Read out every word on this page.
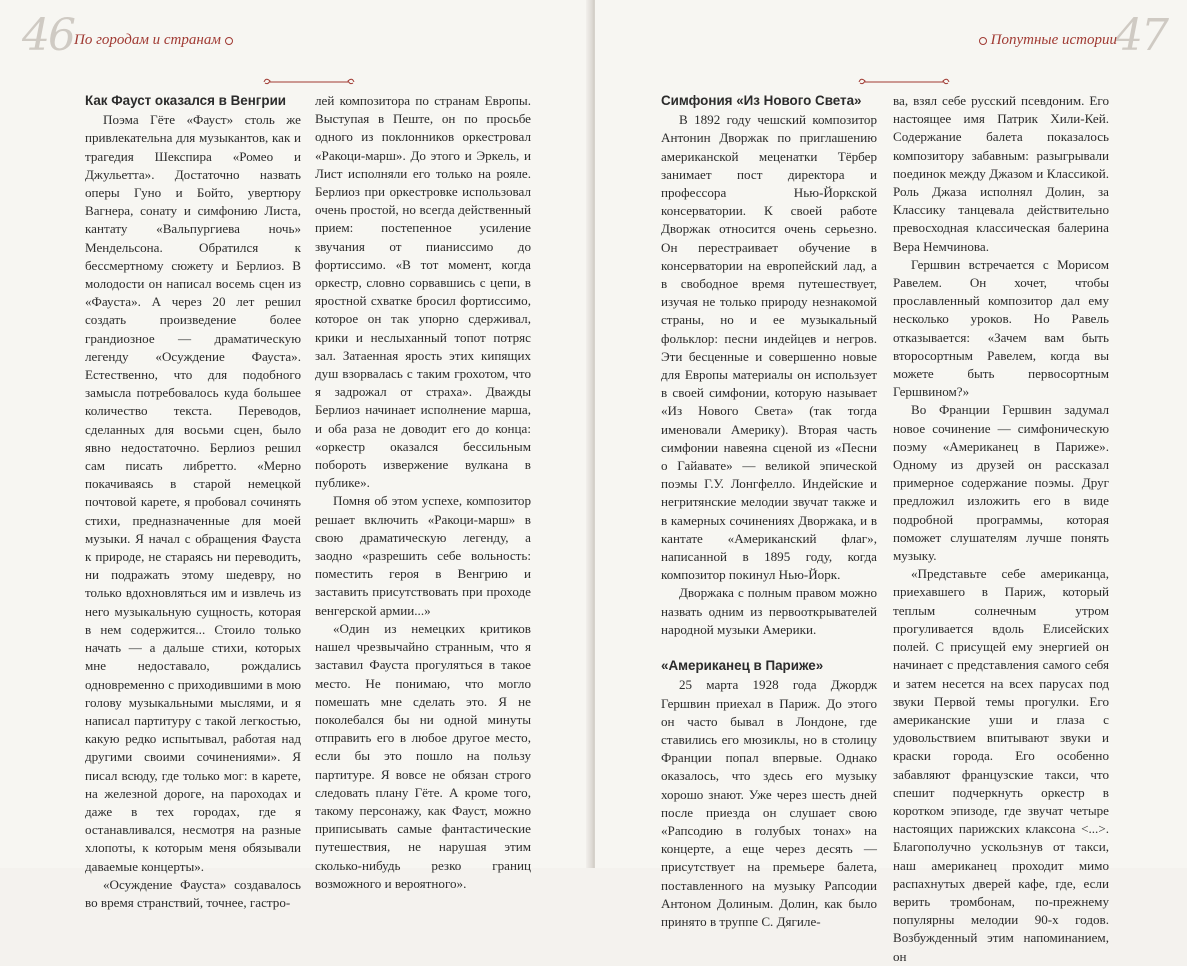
46 По городам и странам
Как Фауст оказался в Венгрии

Поэма Гёте «Фауст» столь же привлекательна для музыкантов, как и трагедия Шекспира «Ромео и Джульетта». Достаточно назвать оперы Гуно и Бойто, увертюру Вагнера, сонату и симфонию Листа, кантату «Вальпургиева ночь» Мендельсона. Обратился к бессмертному сюжету и Берлиоз. В молодости он написал восемь сцен из «Фауста». А через 20 лет решил создать произведение более грандиозное — драматическую легенду «Осуждение Фауста». Естественно, что для подобного замысла потребовалось куда большее количество текста. Переводов, сделанных для восьми сцен, было явно недостаточно. Берлиоз решил сам писать либретто. «Мерно покачиваясь в старой немецкой почтовой карете, я пробовал сочинять стихи, предназначенные для моей музыки. Я начал с обращения Фауста к природе, не стараясь ни переводить, ни подражать этому шедевру, но только вдохновляться им и извлечь из него музыкальную сущность, которая в нем содержится... Стоило только начать — а дальше стихи, которых мне недоставало, рождались одновременно с приходившими в мою голову музыкальными мыслями, и я написал партитуру с такой легкостью, какую редко испытывал, работая над другими своими сочинениями». Я писал всюду, где только мог: в карете, на железной дороге, на пароходах и даже в тех городах, где я останавливался, несмотря на разные хлопоты, к которым меня обязывали даваемые концерты».

«Осуждение Фауста» создавалось во время странствий, точнее, гастро-

лей композитора по странам Европы. Выступая в Пеште, он по просьбе одного из поклонников оркестровал «Ракоци-марш». До этого и Эркель, и Лист исполняли его только на рояле. Берлиоз при оркестровке использовал очень простой, но всегда действенный прием: постепенное усиление звучания от пианиссимо до фортиссимо. «В тот момент, когда оркестр, словно сорвавшись с цепи, в яростной схватке бросил фортиссимо, которое он так упорно сдерживал, крики и неслыханный топот потряс зал. Затаенная ярость этих кипящих душ взорвалась с таким грохотом, что я задрожал от страха». Дважды Берлиоз начинает исполнение марша, и оба раза не доводит его до конца: «оркестр оказался бессильным побороть извержение вулкана в публике».

Помня об этом успехе, композитор решает включить «Ракоци-марш» в свою драматическую легенду, а заодно «разрешить себе вольность: поместить героя в Венгрию и заставить присутствовать при проходе венгерской армии...»

«Один из немецких критиков нашел чрезвычайно странным, что я заставил Фауста прогуляться в такое место. Не понимаю, что могло помешать мне сделать это. Я не поколебался бы ни одной минуты отправить его в любое другое место, если бы это пошло на пользу партитуре. Я вовсе не обязан строго следовать плану Гёте. А кроме того, такому персонажу, как Фауст, можно приписывать самые фантастические путешествия, не нарушая этим сколько-нибудь резко границ возможного и вероятного».

47
Попутные истории
Симфония «Из Нового Света»

В 1892 году чешский композитор Антонин Дворжак по приглашению американской меценатки Тёрбер занимает пост директора и профессора Нью-Йоркской консерватории. К своей работе Дворжак относится очень серьезно. Он перестраивает обучение в консерватории на европейский лад, а в свободное время путешествует, изучая не только природу незнакомой страны, но и ее музыкальный фольклор: песни индейцев и негров. Эти бесценные и совершенно новые для Европы материалы он использует в своей симфонии, которую называет «Из Нового Света» (так тогда именовали Америку). Вторая часть симфонии навеяна сценой из «Песни о Гайавате» — великой эпической поэмы Г.У. Лонгфелло. Индейские и негритянские мелодии звучат также и в камерных сочинениях Дворжака, и в кантате «Американский флаг», написанной в 1895 году, когда композитор покинул Нью-Йорк.

Дворжака с полным правом можно назвать одним из первооткрывателей народной музыки Америки.

«Американец в Париже»

25 марта 1928 года Джордж Гершвин приехал в Париж. До этого он часто бывал в Лондоне, где ставились его мюзиклы, но в столицу Франции попал впервые. Однако оказалось, что здесь его музыку хорошо знают. Уже через шесть дней после приезда он слушает свою «Рапсодию в голубых тонах» на концерте, а еще через десять — присутствует на премьере балета, поставленного на музыку Рапсодии Антоном Долиным. Долин, как было принято в труппе С. Дягиле-

ва, взял себе русский псевдоним. Его настоящее имя Патрик Хили-Кей. Содержание балета показалось композитору забавным: разыгрывали поединок между Джазом и Классикой. Роль Джаза исполнял Долин, за Классику танцевала действительно превосходная классическая балерина Вера Немчинова.

Гершвин встречается с Морисом Равелем. Он хочет, чтобы прославленный композитор дал ему несколько уроков. Но Равель отказывается: «Зачем вам быть второсортным Равелем, когда вы можете быть первосортным Гершвином?»

Во Франции Гершвин задумал новое сочинение — симфоническую поэму «Американец в Париже». Одному из друзей он рассказал примерное содержание поэмы. Друг предложил изложить его в виде подробной программы, которая поможет слушателям лучше понять музыку.

«Представьте себе американца, приехавшего в Париж, который теплым солнечным утром прогуливается вдоль Елисейских полей. С присущей ему энергией он начинает с представления самого себя и затем несется на всех парусах под звуки Первой темы прогулки. Его американские уши и глаза с удовольствием впитывают звуки и краски города. Его особенно забавляют французские такси, что спешит подчеркнуть оркестр в коротком эпизоде, где звучат четыре настоящих парижских клаксона <...>. Благополучно ускользнув от такси, наш американец проходит мимо распахнутых дверей кафе, где, если верить тромбонам, по-прежнему популярны мелодии 90-х годов. Возбужденный этим напоминанием, он
